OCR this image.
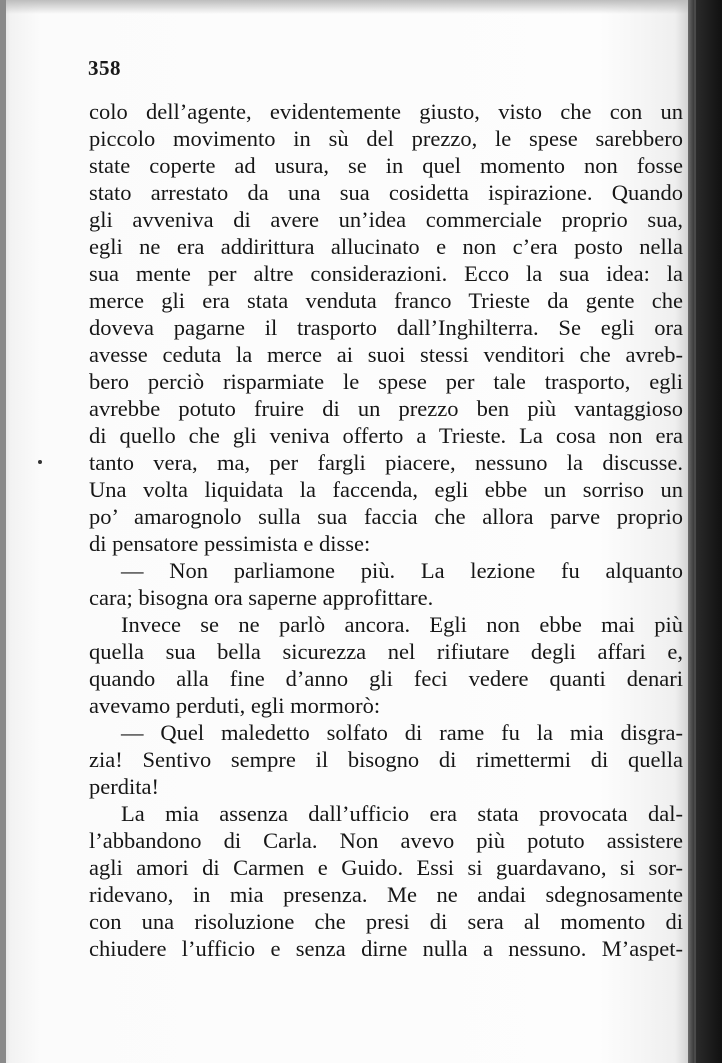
358
colo dell’agente, evidentemente giusto, visto che con un
piccolo movimento in sù del prezzo, le spese sarebbero
state coperte ad usura, se in quel momento non fosse
stato arrestato da una sua cosidetta ispirazione. Quando
gli avveniva di avere un’idea commerciale proprio sua,
egli ne era addirittura allucinato e non c’era posto nella
sua mente per altre considerazioni. Ecco la sua idea: la
merce gli era stata venduta franco Trieste da gente che
doveva pagarne il trasporto dall’Inghilterra. Se egli ora
avesse ceduta la merce ai suoi stessi venditori che avreb-
bero perciò risparmiate le spese per tale trasporto, egli
avrebbe potuto fruire di un prezzo ben più vantaggioso
di quello che gli veniva offerto a Trieste. La cosa non era
tanto vera, ma, per fargli piacere, nessuno la discusse.
Una volta liquidata la faccenda, egli ebbe un sorriso un
po’ amarognolo sulla sua faccia che allora parve proprio
di pensatore pessimista e disse:
— Non parliamone più. La lezione fu alquanto
cara; bisogna ora saperne approfittare.
Invece se ne parlò ancora. Egli non ebbe mai più
quella sua bella sicurezza nel rifiutare degli affari e,
quando alla fine d’anno gli feci vedere quanti denari
avevamo perduti, egli mormorò:
— Quel maledetto solfato di rame fu la mia disgra-
zia! Sentivo sempre il bisogno di rimettermi di quella
perdita!
La mia assenza dall’ufficio era stata provocata dal-
l’abbandono di Carla. Non avevo più potuto assistere
agli amori di Carmen e Guido. Essi si guardavano, si sor-
ridevano, in mia presenza. Me ne andai sdegnosamente
con una risoluzione che presi di sera al momento di
chiudere l’ufficio e senza dirne nulla a nessuno. M’aspet-
